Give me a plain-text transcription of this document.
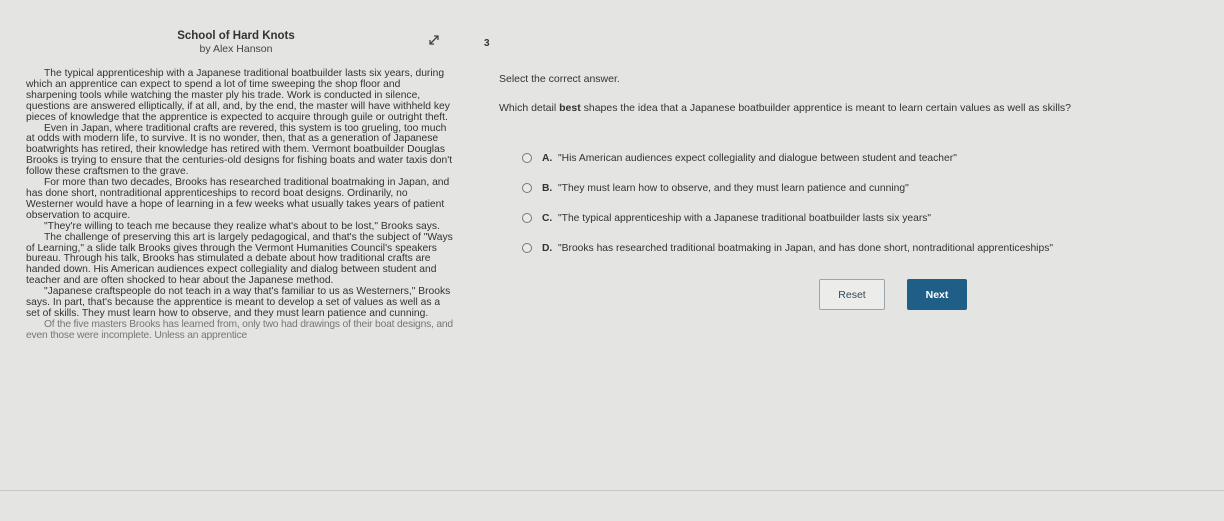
School of Hard Knots
by Alex Hanson

The typical apprenticeship with a Japanese traditional boatbuilder lasts six years, during which an apprentice can expect to spend a lot of time sweeping the shop floor and sharpening tools while watching the master ply his trade. Work is conducted in silence, questions are answered elliptically, if at all, and, by the end, the master will have withheld key pieces of knowledge that the apprentice is expected to acquire through guile or outright theft.

Even in Japan, where traditional crafts are revered, this system is too grueling, too much at odds with modern life, to survive. It is no wonder, then, that as a generation of Japanese boatwrights has retired, their knowledge has retired with them. Vermont boatbuilder Douglas Brooks is trying to ensure that the centuries-old designs for fishing boats and water taxis don't follow these craftsmen to the grave.

For more than two decades, Brooks has researched traditional boatmaking in Japan, and has done short, nontraditional apprenticeships to record boat designs. Ordinarily, no Westerner would have a hope of learning in a few weeks what usually takes years of patient observation to acquire.

"They're willing to teach me because they realize what's about to be lost," Brooks says.

The challenge of preserving this art is largely pedagogical, and that's the subject of "Ways of Learning," a slide talk Brooks gives through the Vermont Humanities Council's speakers bureau. Through his talk, Brooks has stimulated a debate about how traditional crafts are handed down. His American audiences expect collegiality and dialog between student and teacher and are often shocked to hear about the Japanese method.

"Japanese craftspeople do not teach in a way that's familiar to us as Westerners," Brooks says. In part, that's because the apprentice is meant to develop a set of values as well as a set of skills. They must learn how to observe, and they must learn patience and cunning.

Of the five masters Brooks has learned from, only two had drawings of their boat designs, and even those were incomplete. Unless an apprentice

3
Select the correct answer.
Which detail best shapes the idea that a Japanese boatbuilder apprentice is meant to learn certain values as well as skills?
A. "His American audiences expect collegiality and dialogue between student and teacher"
B. "They must learn how to observe, and they must learn patience and cunning"
C. "The typical apprenticeship with a Japanese traditional boatbuilder lasts six years"
D. "Brooks has researched traditional boatmaking in Japan, and has done short, nontraditional apprenticeships"
Reset	Next
